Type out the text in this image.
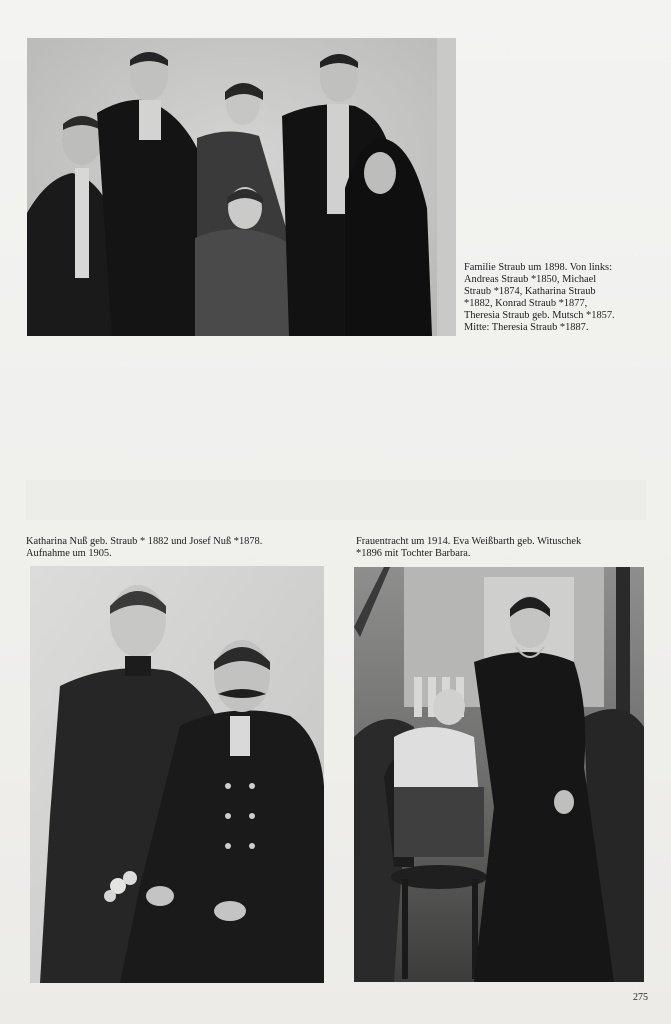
Familie Straub um 1898. Von links:
Andreas Straub *1850, Michael
Straub *1874, Katharina Straub
*1882, Konrad Straub *1877,
Theresia Straub geb. Mutsch *1857.
Mitte: Theresia Straub *1887.
Katharina Nuß geb. Straub * 1882 und Josef Nuß *1878.
Aufnahme um 1905.
Frauentracht um 1914. Eva Weißbarth geb. Wituschek
*1896 mit Tochter Barbara.
275
